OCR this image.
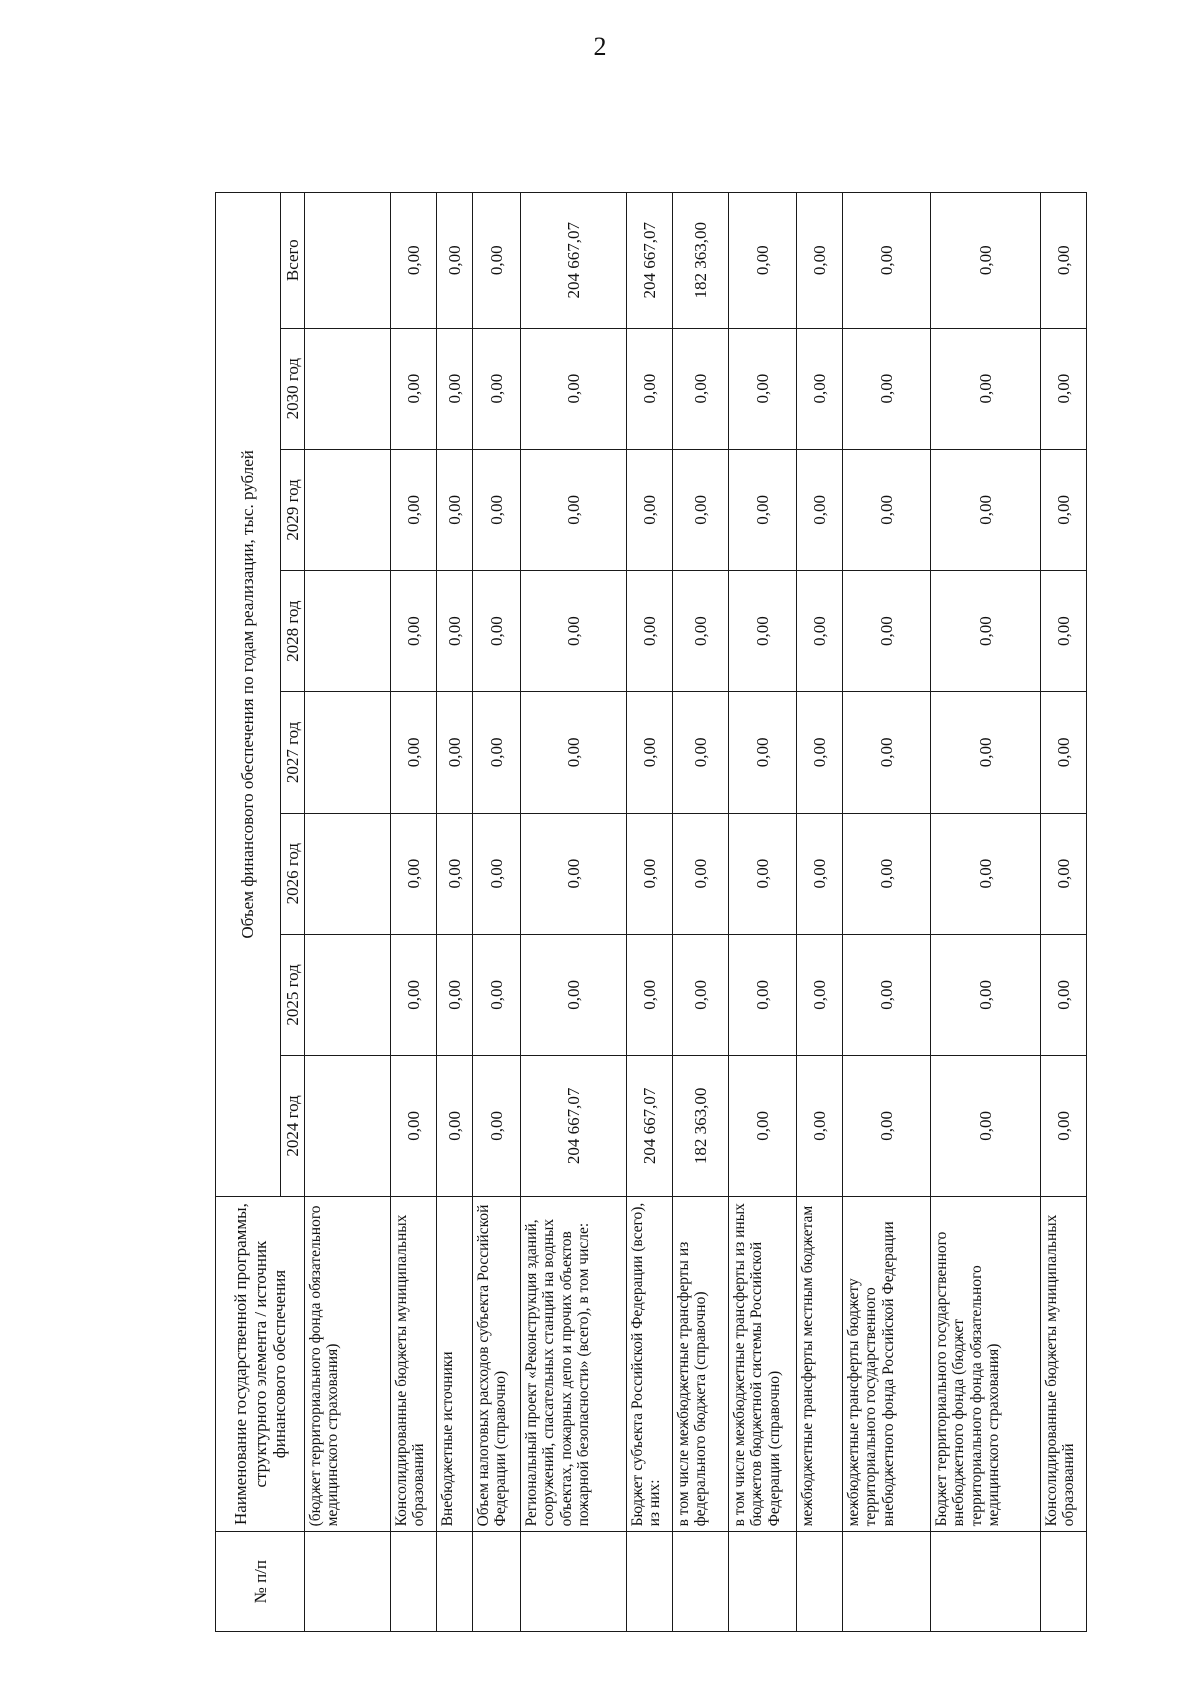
2
№ п/п	Наименование государственной программы, структурного элемента / источник финансового обеспечения	Объем финансового обеспечения по годам реализации, тыс. рублей							
		2024 год	2025 год	2026 год	2027 год	2028 год	2029 год	2030 год	Всего
	(бюджет территориального фонда обязательного медицинского страхования)								
	Консолидированные бюджеты муниципальных образований	0,00	0,00	0,00	0,00	0,00	0,00	0,00	0,00
	Внебюджетные источники	0,00	0,00	0,00	0,00	0,00	0,00	0,00	0,00
	Объем налоговых расходов субъекта Российской Федерации (справочно)	0,00	0,00	0,00	0,00	0,00	0,00	0,00	0,00
	Региональный проект «Реконструкция зданий, сооружений, спасательных станций на водных объектах, пожарных депо и прочих объектов пожарной безопасности» (всего), в том числе:	204 667,07	0,00	0,00	0,00	0,00	0,00	0,00	204 667,07
	Бюджет субъекта Российской Федерации (всего), из них:	204 667,07	0,00	0,00	0,00	0,00	0,00	0,00	204 667,07
	в том числе межбюджетные трансферты из федерального бюджета (справочно)	182 363,00	0,00	0,00	0,00	0,00	0,00	0,00	182 363,00
	в том числе межбюджетные трансферты из иных бюджетов бюджетной системы Российской Федерации (справочно)	0,00	0,00	0,00	0,00	0,00	0,00	0,00	0,00
	межбюджетные трансферты местным бюджетам	0,00	0,00	0,00	0,00	0,00	0,00	0,00	0,00
	межбюджетные трансферты бюджету территориального государственного внебюджетного фонда Российской Федерации	0,00	0,00	0,00	0,00	0,00	0,00	0,00	0,00
	Бюджет территориального государственного внебюджетного фонда (бюджет территориального фонда обязательного медицинского страхования)	0,00	0,00	0,00	0,00	0,00	0,00	0,00	0,00
	Консолидированные бюджеты муниципальных образований	0,00	0,00	0,00	0,00	0,00	0,00	0,00	0,00
